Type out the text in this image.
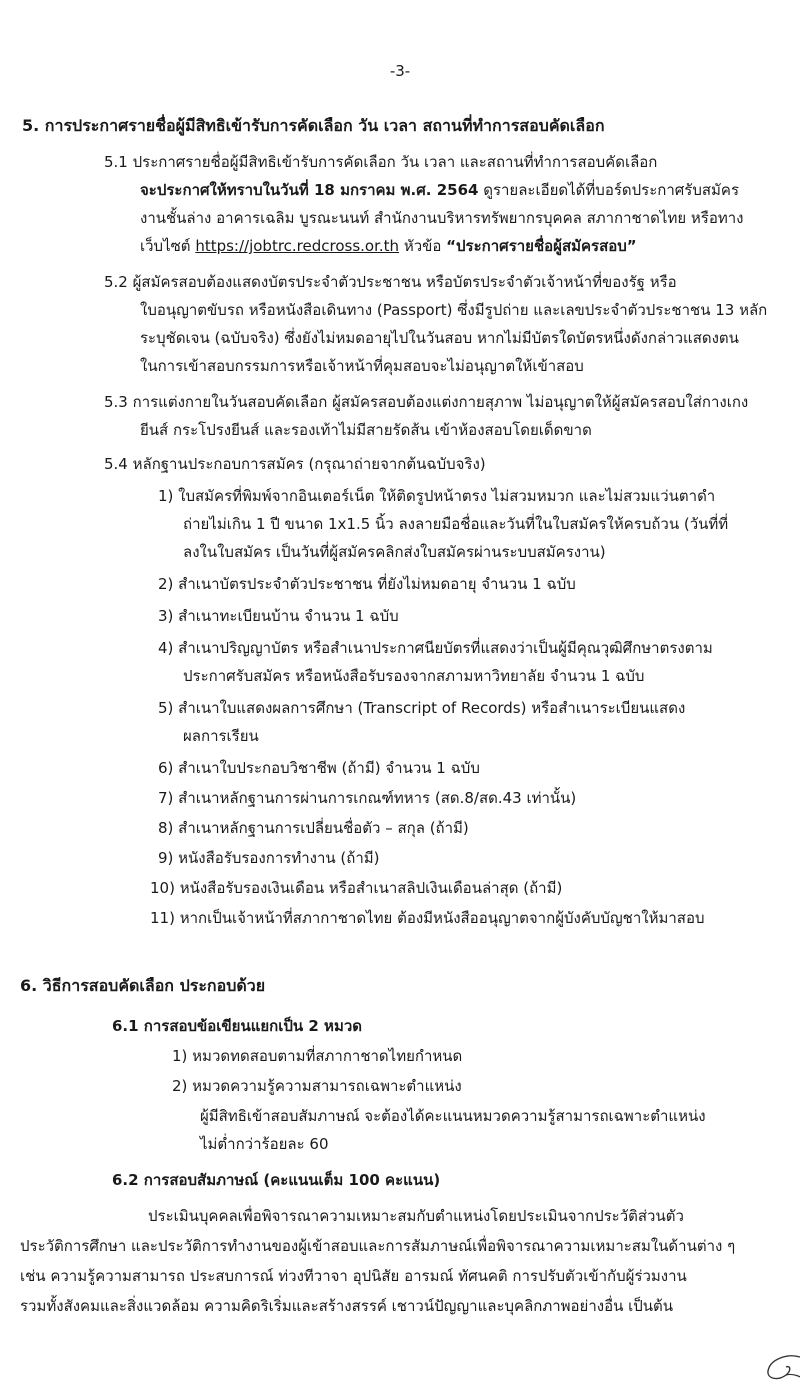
-3-
5. การประกาศรายชื่อผู้มีสิทธิเข้ารับการคัดเลือก วัน เวลา สถานที่ทำการสอบคัดเลือก
5.1 ประกาศรายชื่อผู้มีสิทธิเข้ารับการคัดเลือก วัน เวลา และสถานที่ทำการสอบคัดเลือก
จะประกาศให้ทราบในวันที่ 18 มกราคม พ.ศ. 2564 ดูรายละเอียดได้ที่บอร์ดประกาศรับสมัคร
งานชั้นล่าง อาคารเฉลิม บูรณะนนท์ สำนักงานบริหารทรัพยากรบุคคล สภากาชาดไทย หรือทาง
เว็บไซต์ https://jobtrc.redcross.or.th หัวข้อ “ประกาศรายชื่อผู้สมัครสอบ”
5.2 ผู้สมัครสอบต้องแสดงบัตรประจำตัวประชาชน หรือบัตรประจำตัวเจ้าหน้าที่ของรัฐ หรือ
ใบอนุญาตขับรถ หรือหนังสือเดินทาง (Passport) ซึ่งมีรูปถ่าย และเลขประจำตัวประชาชน 13 หลัก
ระบุชัดเจน (ฉบับจริง) ซึ่งยังไม่หมดอายุไปในวันสอบ หากไม่มีบัตรใดบัตรหนึ่งดังกล่าวแสดงตน
ในการเข้าสอบกรรมการหรือเจ้าหน้าที่คุมสอบจะไม่อนุญาตให้เข้าสอบ
5.3 การแต่งกายในวันสอบคัดเลือก ผู้สมัครสอบต้องแต่งกายสุภาพ ไม่อนุญาตให้ผู้สมัครสอบใส่กางเกง
ยีนส์ กระโปรงยีนส์ และรองเท้าไม่มีสายรัดส้น เข้าห้องสอบโดยเด็ดขาด
5.4 หลักฐานประกอบการสมัคร (กรุณาถ่ายจากต้นฉบับจริง)
1) ใบสมัครที่พิมพ์จากอินเตอร์เน็ต ให้ติดรูปหน้าตรง ไม่สวมหมวก และไม่สวมแว่นตาดำ
ถ่ายไม่เกิน 1 ปี ขนาด 1x1.5 นิ้ว ลงลายมือชื่อและวันที่ในใบสมัครให้ครบถ้วน (วันที่ที่
ลงในใบสมัคร เป็นวันที่ผู้สมัครคลิกส่งใบสมัครผ่านระบบสมัครงาน)
2) สำเนาบัตรประจำตัวประชาชน ที่ยังไม่หมดอายุ จำนวน 1 ฉบับ
3) สำเนาทะเบียนบ้าน จำนวน 1 ฉบับ
4) สำเนาปริญญาบัตร หรือสำเนาประกาศนียบัตรที่แสดงว่าเป็นผู้มีคุณวุฒิศึกษาตรงตาม
ประกาศรับสมัคร หรือหนังสือรับรองจากสภามหาวิทยาลัย จำนวน 1 ฉบับ
5) สำเนาใบแสดงผลการศึกษา (Transcript of Records) หรือสำเนาระเบียนแสดง
ผลการเรียน
6) สำเนาใบประกอบวิชาชีพ (ถ้ามี) จำนวน 1 ฉบับ
7) สำเนาหลักฐานการผ่านการเกณฑ์ทหาร (สด.8/สด.43 เท่านั้น)
8) สำเนาหลักฐานการเปลี่ยนชื่อตัว – สกุล (ถ้ามี)
9) หนังสือรับรองการทำงาน (ถ้ามี)
10) หนังสือรับรองเงินเดือน หรือสำเนาสลิปเงินเดือนล่าสุด (ถ้ามี)
11) หากเป็นเจ้าหน้าที่สภากาชาดไทย ต้องมีหนังสืออนุญาตจากผู้บังคับบัญชาให้มาสอบ
6. วิธีการสอบคัดเลือก ประกอบด้วย
6.1 การสอบข้อเขียนแยกเป็น 2 หมวด
1) หมวดทดสอบตามที่สภากาชาดไทยกำหนด
2) หมวดความรู้ความสามารถเฉพาะตำแหน่ง
ผู้มีสิทธิเข้าสอบสัมภาษณ์ จะต้องได้คะแนนหมวดความรู้สามารถเฉพาะตำแหน่ง
ไม่ต่ำกว่าร้อยละ 60
6.2 การสอบสัมภาษณ์ (คะแนนเต็ม 100 คะแนน)
ประเมินบุคคลเพื่อพิจารณาความเหมาะสมกับตำแหน่งโดยประเมินจากประวัติส่วนตัว
ประวัติการศึกษา และประวัติการทำงานของผู้เข้าสอบและการสัมภาษณ์เพื่อพิจารณาความเหมาะสมในด้านต่าง ๆ
เช่น ความรู้ความสามารถ ประสบการณ์ ท่วงทีวาจา อุปนิสัย อารมณ์ ทัศนคติ การปรับตัวเข้ากับผู้ร่วมงาน
รวมทั้งสังคมและสิ่งแวดล้อม ความคิดริเริ่มและสร้างสรรค์ เชาวน์ปัญญาและบุคลิกภาพอย่างอื่น เป็นต้น
